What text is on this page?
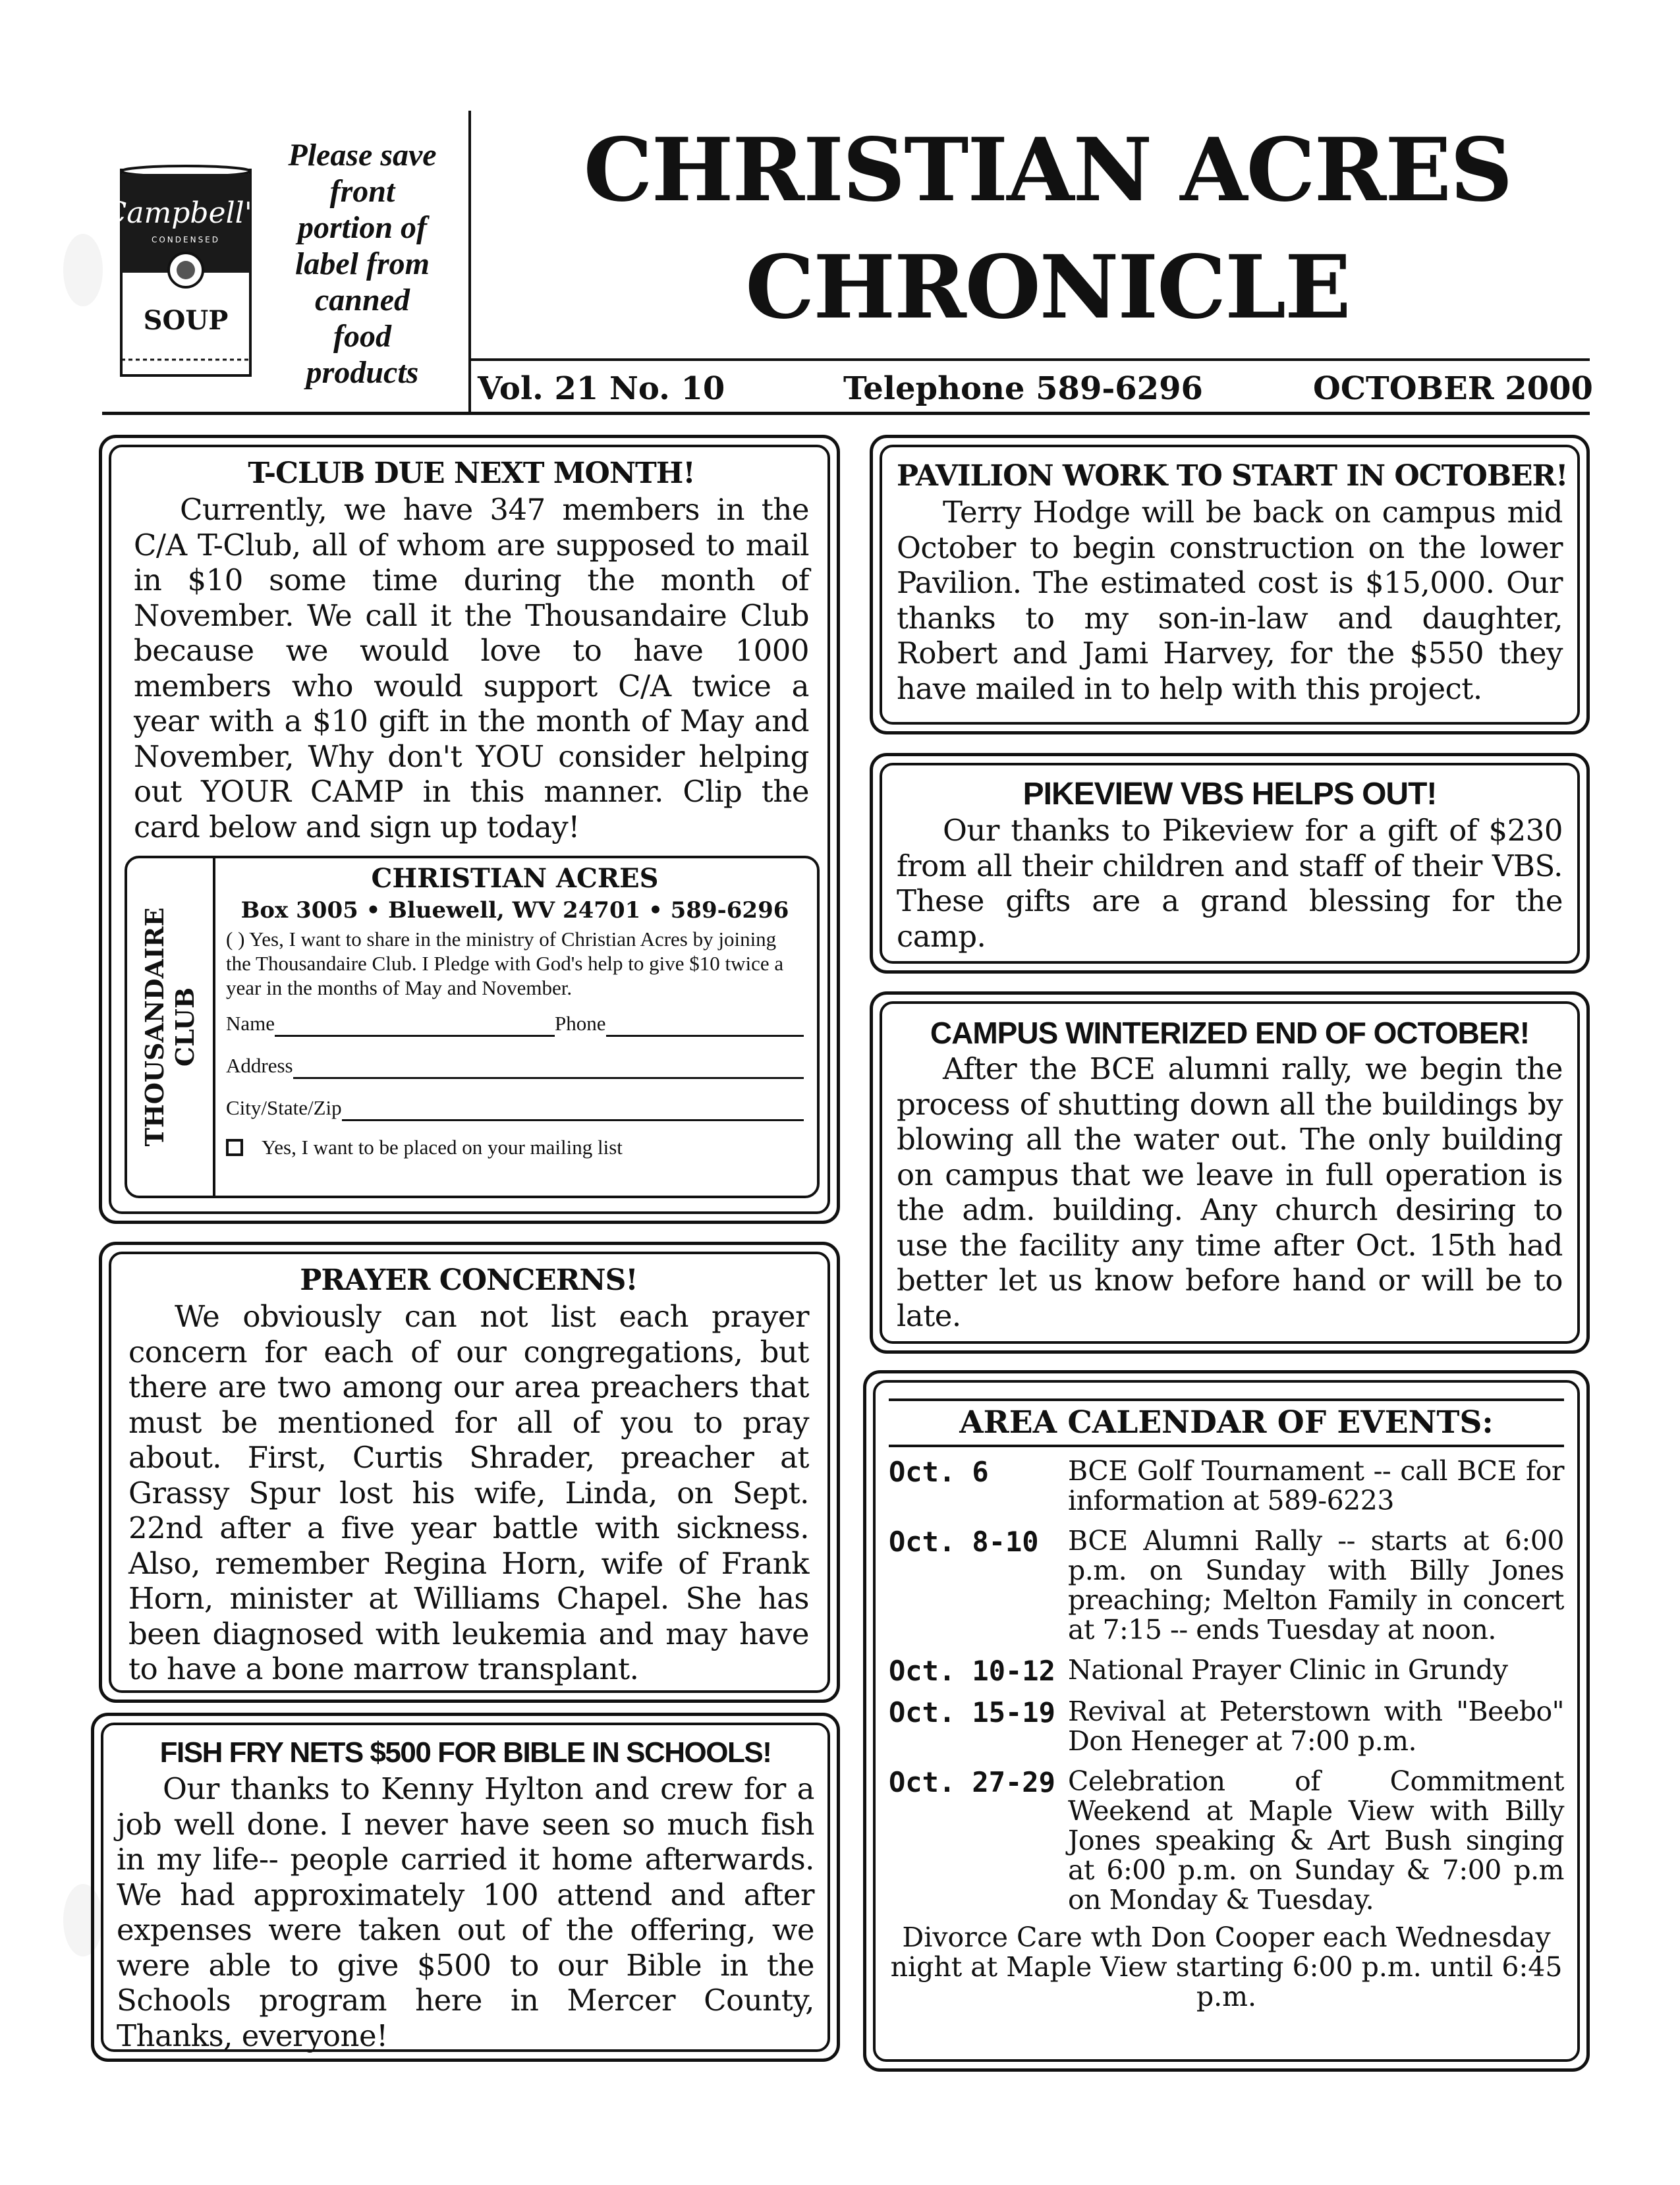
Campbell's
CONDENSED
SOUP
Please save
front
portion of
label from
canned
food
products
CHRISTIAN ACRES
CHRONICLE
Vol. 21 No. 10	Telephone 589-6296	OCTOBER 2000
T-CLUB DUE NEXT MONTH!

Currently, we have 347 members in the C/A T-Club, all of whom are supposed to mail in $10 some time during the month of November. We call it the Thousandaire Club because we would love to have 1000 members who would support C/A twice a year with a $10 gift in the month of May and November, Why don't YOU consider helping out YOUR CAMP in this manner. Clip the card below and sign up today!

THOUSANDAIRE CLUB
CHRISTIAN ACRES
Box 3005 • Bluewell, WV 24701 • 589-6296
( ) Yes, I want to share in the ministry of Christian Acres by joining the Thousandaire Club. I Pledge with God's help to give $10 twice a year in the months of May and November.
Name	Phone
Address
City/State/Zip
Yes, I want to be placed on your mailing list
PRAYER CONCERNS!

We obviously can not list each prayer concern for each of our congregations, but there are two among our area preachers that must be mentioned for all of you to pray about. First, Curtis Shrader, preacher at Grassy Spur lost his wife, Linda, on Sept. 22nd after a five year battle with sickness. Also, remember Regina Horn, wife of Frank Horn, minister at Williams Chapel. She has been diagnosed with leukemia and may have to have a bone marrow transplant.

FISH FRY NETS $500 FOR BIBLE IN SCHOOLS!

Our thanks to Kenny Hylton and crew for a job well done. I never have seen so much fish in my life-- people carried it home afterwards. We had approximately 100 attend and after expenses were taken out of the offering, we were able to give $500 to our Bible in the Schools program here in Mercer County, Thanks, everyone!

PAVILION WORK TO START IN OCTOBER!

Terry Hodge will be back on campus mid October to begin construction on the lower Pavilion. The estimated cost is $15,000. Our thanks to my son-in-law and daughter, Robert and Jami Harvey, for the $550 they have mailed in to help with this project.

PIKEVIEW VBS HELPS OUT!

Our thanks to Pikeview for a gift of $230 from all their children and staff of their VBS. These gifts are a grand blessing for the camp.

CAMPUS WINTERIZED END OF OCTOBER!

After the BCE alumni rally, we begin the process of shutting down all the buildings by blowing all the water out. The only building on campus that we leave in full operation is the adm. building. Any church desiring to use the facility any time after Oct. 15th had better let us know before hand or will be to late.

AREA CALENDAR OF EVENTS:
Oct. 6	BCE Golf Tournament -- call BCE for information at 589-6223
Oct. 8-10	BCE Alumni Rally -- starts at 6:00 p.m. on Sunday with Billy Jones preaching; Melton Family in concert at 7:15 -- ends Tuesday at noon.
Oct. 10-12 National Prayer Clinic in Grundy
Oct. 15-19 Revival at Peterstown with "Beebo" Don Heneger at 7:00 p.m.
Oct. 27-29 Celebration of Commitment Weekend at Maple View with Billy Jones speaking & Art Bush singing at 6:00 p.m. on Sunday & 7:00 p.m on Monday & Tuesday.
Divorce Care wth Don Cooper each Wednesday night at Maple View starting 6:00 p.m. until 6:45 p.m.
